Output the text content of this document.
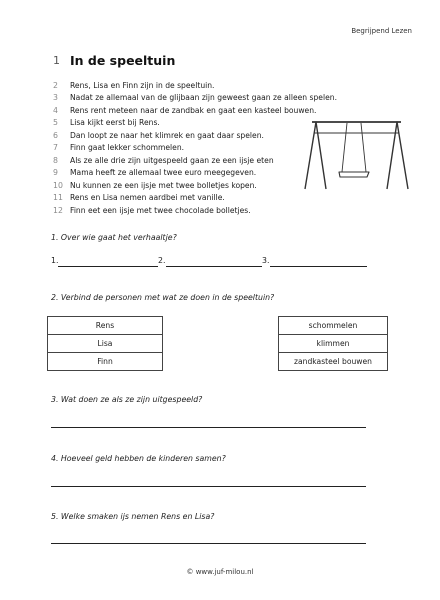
Begrijpend Lezen
1 In de speeltuin
2	Rens, Lisa en Finn zijn in de speeltuin.
3	Nadat ze allemaal van de glijbaan zijn geweest gaan ze alleen spelen.
4	Rens rent meteen naar de zandbak en gaat een kasteel bouwen.
5	Lisa kijkt eerst bij Rens.
6	Dan loopt ze naar het klimrek en gaat daar spelen.
7	Finn gaat lekker schommelen.
8	Als ze alle drie zijn uitgespeeld gaan ze een ijsje eten
9	Mama heeft ze allemaal twee euro meegegeven.
10 Nu kunnen ze een ijsje met twee bolletjes kopen.
11 Rens en Lisa nemen aardbei met vanille.
12 Finn eet een ijsje met twee chocolade bolletjes.
1. Over wie gaat het verhaaltje?
1.	2.	3.
2. Verbind de personen met wat ze doen in de speeltuin?
Rens
Lisa
Finn
schommelen
klimmen
zandkasteel bouwen
3. Wat doen ze als ze zijn uitgespeeld?
4. Hoeveel geld hebben de kinderen samen?
5. Welke smaken ijs nemen Rens en Lisa?
© www.juf-milou.nl
